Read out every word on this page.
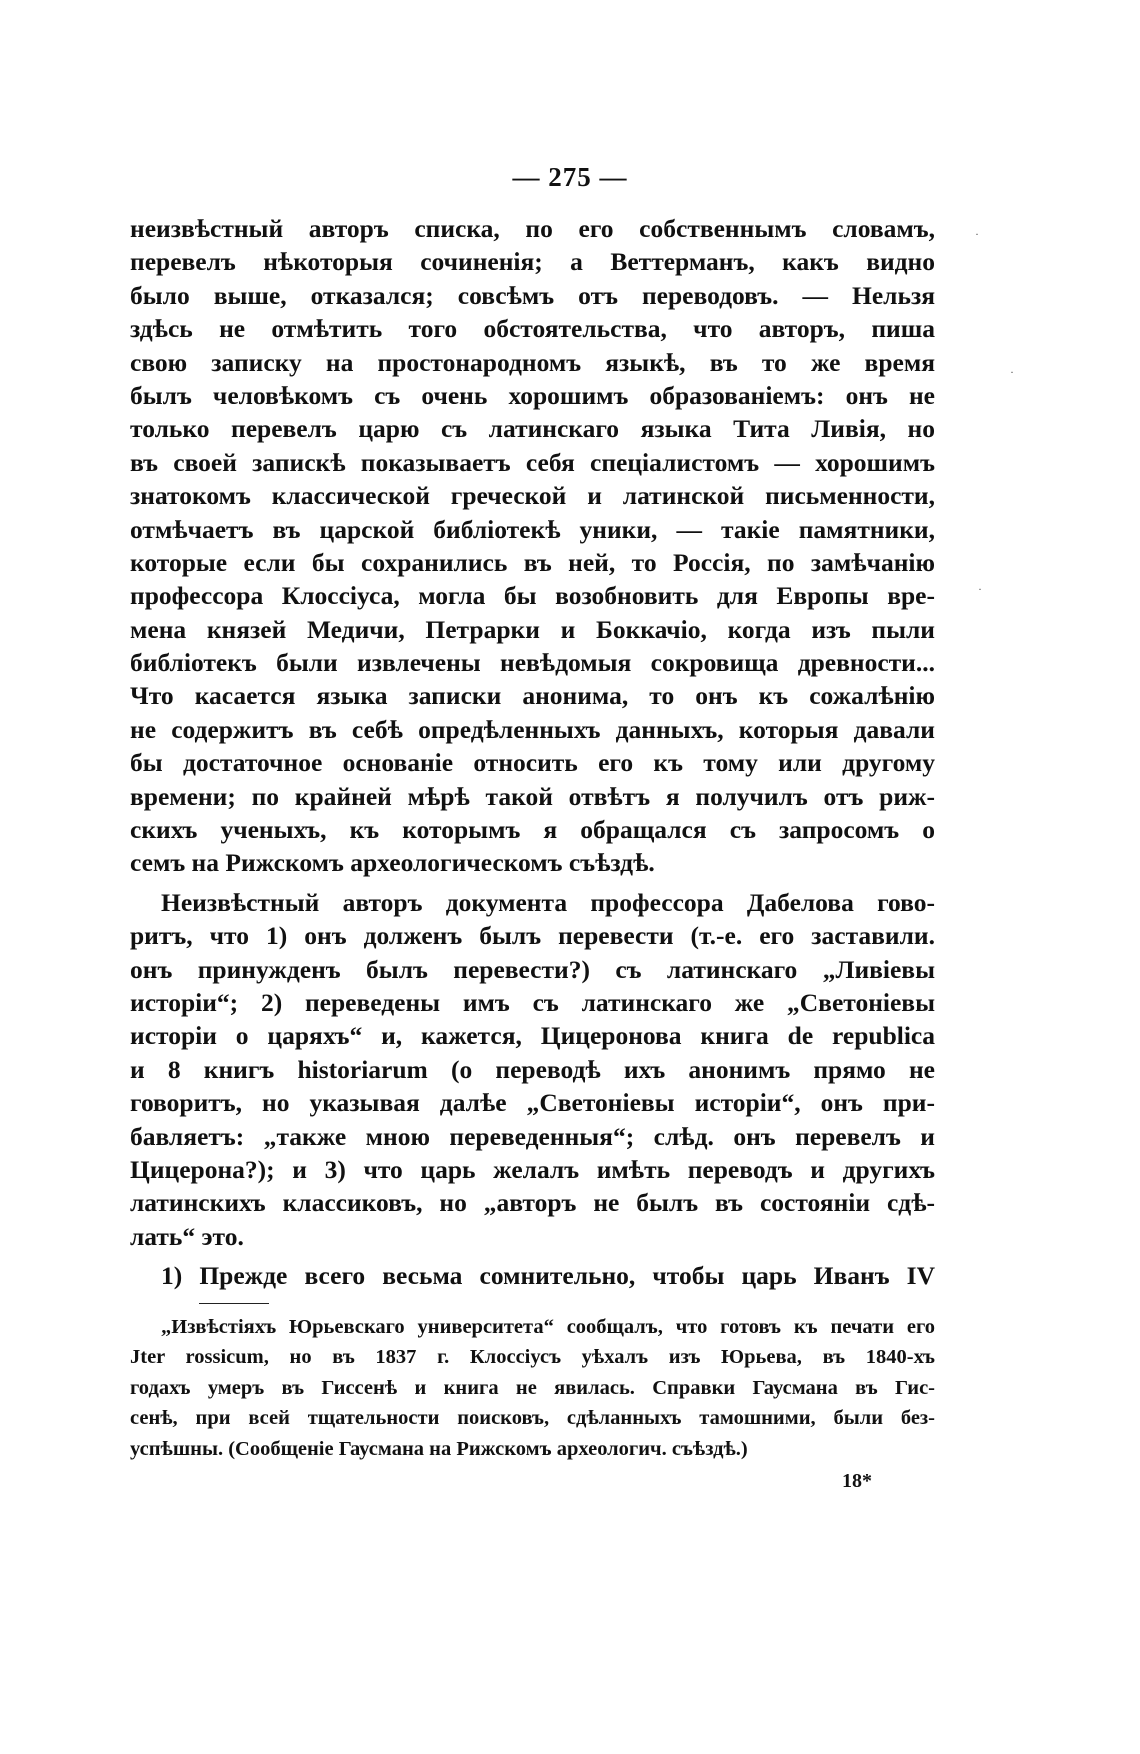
— 275 —
неизвѣстный авторъ списка, по его собственнымъ словамъ,
перевелъ нѣкоторыя сочиненія; а Веттерманъ, какъ видно
было выше, отказался; совсѣмъ отъ переводовъ. — Нельзя
здѣсь не отмѣтить того обстоятельства, что авторъ, пиша
свою записку на простонародномъ языкѣ, въ то же время
былъ человѣкомъ съ очень хорошимъ образованіемъ: онъ не
только перевелъ царю съ латинскаго языка Тита Ливія, но
въ своей запискѣ показываетъ себя спеціалистомъ — хорошимъ
знатокомъ классической греческой и латинской письменности,
отмѣчаетъ въ царской библіотекѣ уники, — такіе памятники,
которые если бы сохранились въ ней, то Россія, по замѣчанію
профессора Клоссіуса, могла бы возобновить для Европы вре-
мена князей Медичи, Петрарки и Боккачіо, когда изъ пыли
библіотекъ были извлечены невѣдомыя сокровища древности...
Что касается языка записки анонима, то онъ къ сожалѣнію
не содержитъ въ себѣ опредѣленныхъ данныхъ, которыя давали
бы достаточное основаніе относить его къ тому или другому
времени; по крайней мѣрѣ такой отвѣтъ я получилъ отъ риж-
скихъ ученыхъ, къ которымъ я обращался съ запросомъ о
семъ на Рижскомъ археологическомъ съѣздѣ.
Неизвѣстный авторъ документа профессора Дабелова гово-
ритъ, что 1) онъ долженъ былъ перевести (т.-е. его заставили.
онъ принужденъ былъ перевести?) съ латинскаго „Ливіевы
исторіи“; 2) переведены имъ съ латинскаго же „Светоніевы
исторіи о царяхъ“ и, кажется, Цицеронова книга de republica
и 8 книгъ historiarum (о переводѣ ихъ анонимъ прямо не
говоритъ, но указывая далѣе „Светоніевы исторіи“, онъ при-
бавляетъ: „также мною переведенныя“; слѣд. онъ перевелъ и
Цицерона?); и 3) что царь желалъ имѣть переводъ и другихъ
латинскихъ классиковъ, но „авторъ не былъ въ состояніи сдѣ-
лать“ это.
1) Прежде всего весьма сомнительно, чтобы царь Иванъ IV
„Извѣстіяхъ Юрьевскаго университета“ сообщалъ, что готовъ къ печати его
Jter rossicum, но въ 1837 г. Клоссіусъ уѣхалъ изъ Юрьева, въ 1840-хъ
годахъ умеръ въ Гиссенѣ и книга не явилась. Справки Гаусмана въ Гис-
сенѣ, при всей тщательности поисковъ, сдѣланныхъ тамошними, были без-
успѣшны. (Сообщеніе Гаусмана на Рижскомъ археологич. съѣздѣ.)
18*
·
·
·
